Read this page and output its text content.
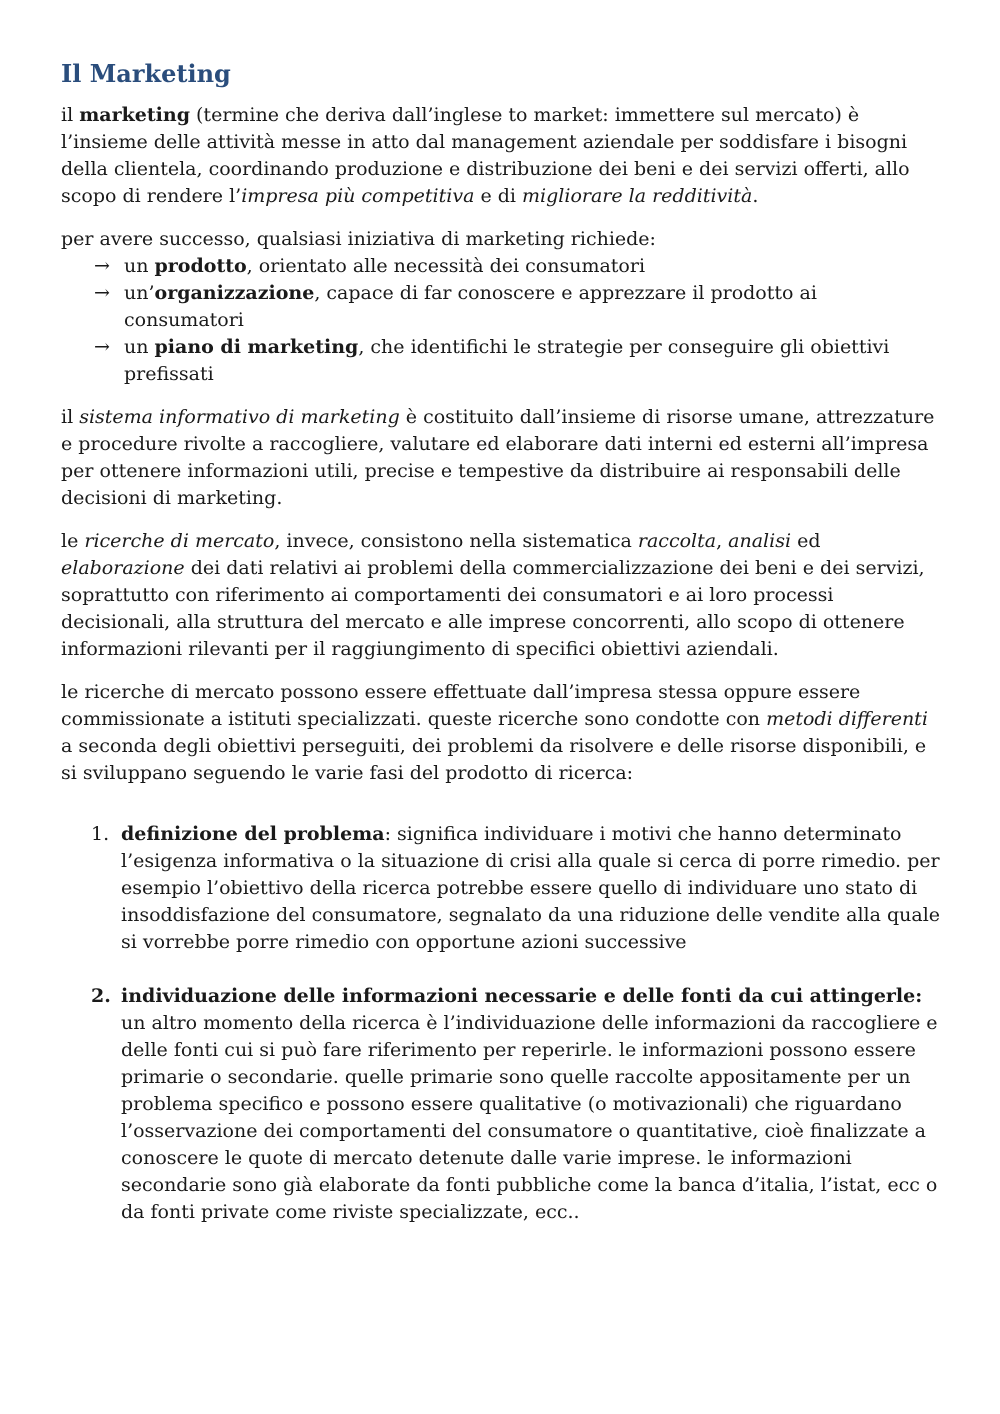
Il Marketing

il marketing (termine che deriva dall’inglese to market: immettere sul mercato) è l’insieme delle attività messe in atto dal management aziendale per soddisfare i bisogni della clientela, coordinando produzione e distribuzione dei beni e dei servizi offerti, allo scopo di rendere l’impresa più competitiva e di migliorare la redditività.

per avere successo, qualsiasi iniziativa di marketing richiede:

→ un prodotto, orientato alle necessità dei consumatori
→ un’organizzazione, capace di far conoscere e apprezzare il prodotto ai consumatori
→ un piano di marketing, che identifichi le strategie per conseguire gli obiettivi prefissati

il sistema informativo di marketing è costituito dall’insieme di risorse umane, attrezzature e procedure rivolte a raccogliere, valutare ed elaborare dati interni ed esterni all’impresa per ottenere informazioni utili, precise e tempestive da distribuire ai responsabili delle decisioni di marketing.

le ricerche di mercato, invece, consistono nella sistematica raccolta, analisi ed elaborazione dei dati relativi ai problemi della commercializzazione dei beni e dei servizi, soprattutto con riferimento ai comportamenti dei consumatori e ai loro processi decisionali, alla struttura del mercato e alle imprese concorrenti, allo scopo di ottenere informazioni rilevanti per il raggiungimento di specifici obiettivi aziendali.

le ricerche di mercato possono essere effettuate dall’impresa stessa oppure essere commissionate a istituti specializzati. queste ricerche sono condotte con metodi differenti a seconda degli obiettivi perseguiti, dei problemi da risolvere e delle risorse disponibili, e si sviluppano seguendo le varie fasi del prodotto di ricerca:

1. definizione del problema: significa individuare i motivi che hanno determinato l’esigenza informativa o la situazione di crisi alla quale si cerca di porre rimedio. per esempio l’obiettivo della ricerca potrebbe essere quello di individuare uno stato di insoddisfazione del consumatore, segnalato da una riduzione delle vendite alla quale si vorrebbe porre rimedio con opportune azioni successive
2. individuazione delle informazioni necessarie e delle fonti da cui attingerle: un altro momento della ricerca è l’individuazione delle informazioni da raccogliere e delle fonti cui si può fare riferimento per reperirle. le informazioni possono essere primarie o secondarie. quelle primarie sono quelle raccolte appositamente per un problema specifico e possono essere qualitative (o motivazionali) che riguardano l’osservazione dei comportamenti del consumatore o quantitative, cioè finalizzate a conoscere le quote di mercato detenute dalle varie imprese. le informazioni secondarie sono già elaborate da fonti pubbliche come la banca d’italia, l’istat, ecc o da fonti private come riviste specializzate, ecc..
